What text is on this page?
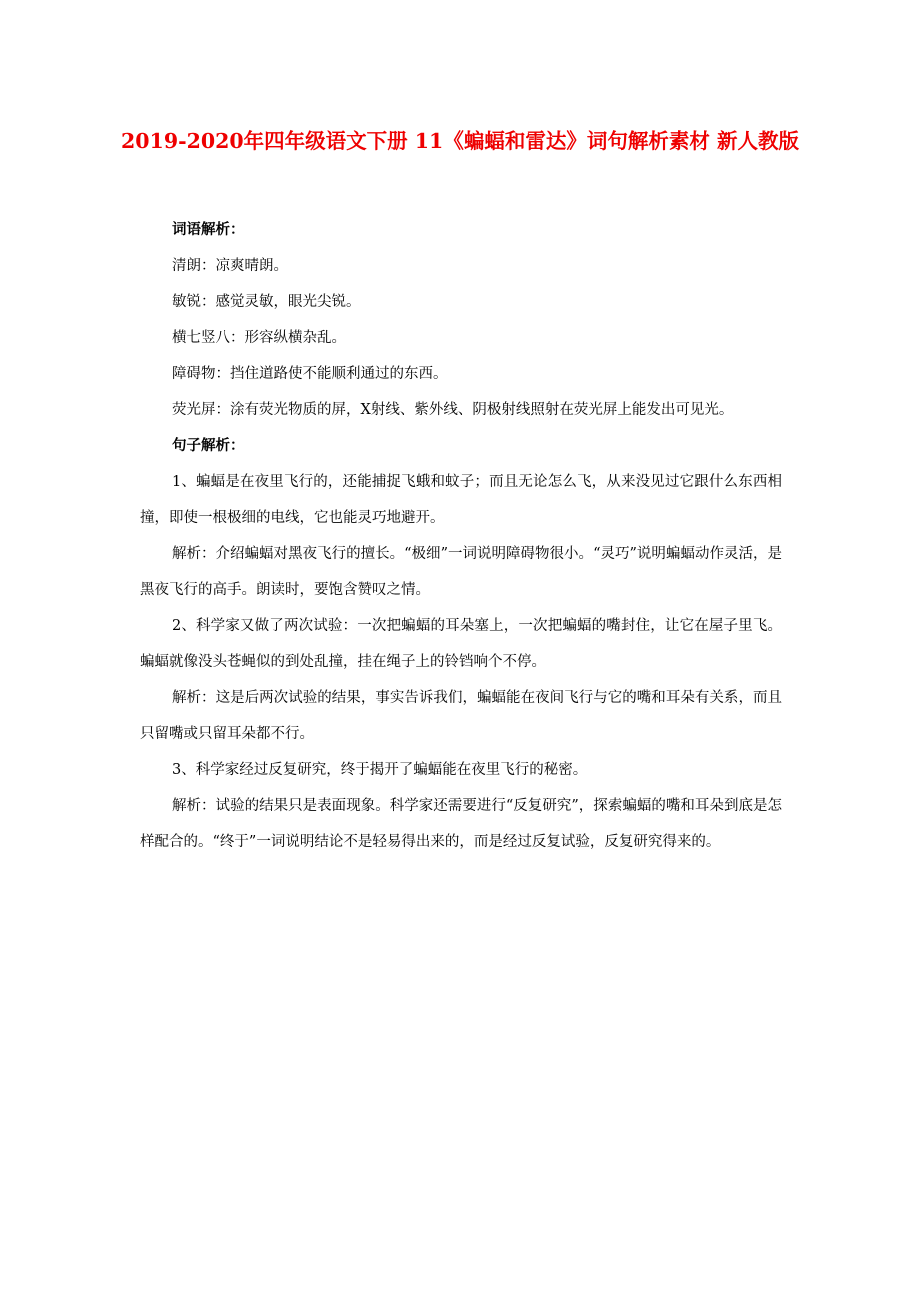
2019-2020年四年级语文下册 11《蝙蝠和雷达》词句解析素材 新人教版

词语解析：

清朗：凉爽晴朗。

敏锐：感觉灵敏，眼光尖锐。

横七竖八：形容纵横杂乱。

障碍物：挡住道路使不能顺利通过的东西。

荧光屏：涂有荧光物质的屏，X射线、紫外线、阴极射线照射在荧光屏上能发出可见光。

句子解析：

1、蝙蝠是在夜里飞行的，还能捕捉飞蛾和蚊子；而且无论怎么飞，从来没见过它跟什么东西相撞，即使一根极细的电线，它也能灵巧地避开。

解析：介绍蝙蝠对黑夜飞行的擅长。“极细”一词说明障碍物很小。“灵巧”说明蝙蝠动作灵活，是黑夜飞行的高手。朗读时，要饱含赞叹之情。

2、科学家又做了两次试验：一次把蝙蝠的耳朵塞上，一次把蝙蝠的嘴封住，让它在屋子里飞。蝙蝠就像没头苍蝇似的到处乱撞，挂在绳子上的铃铛响个不停。

解析：这是后两次试验的结果，事实告诉我们，蝙蝠能在夜间飞行与它的嘴和耳朵有关系，而且只留嘴或只留耳朵都不行。

3、科学家经过反复研究，终于揭开了蝙蝠能在夜里飞行的秘密。

解析：试验的结果只是表面现象。科学家还需要进行“反复研究”，探索蝙蝠的嘴和耳朵到底是怎样配合的。“终于”一词说明结论不是轻易得出来的，而是经过反复试验，反复研究得来的。
